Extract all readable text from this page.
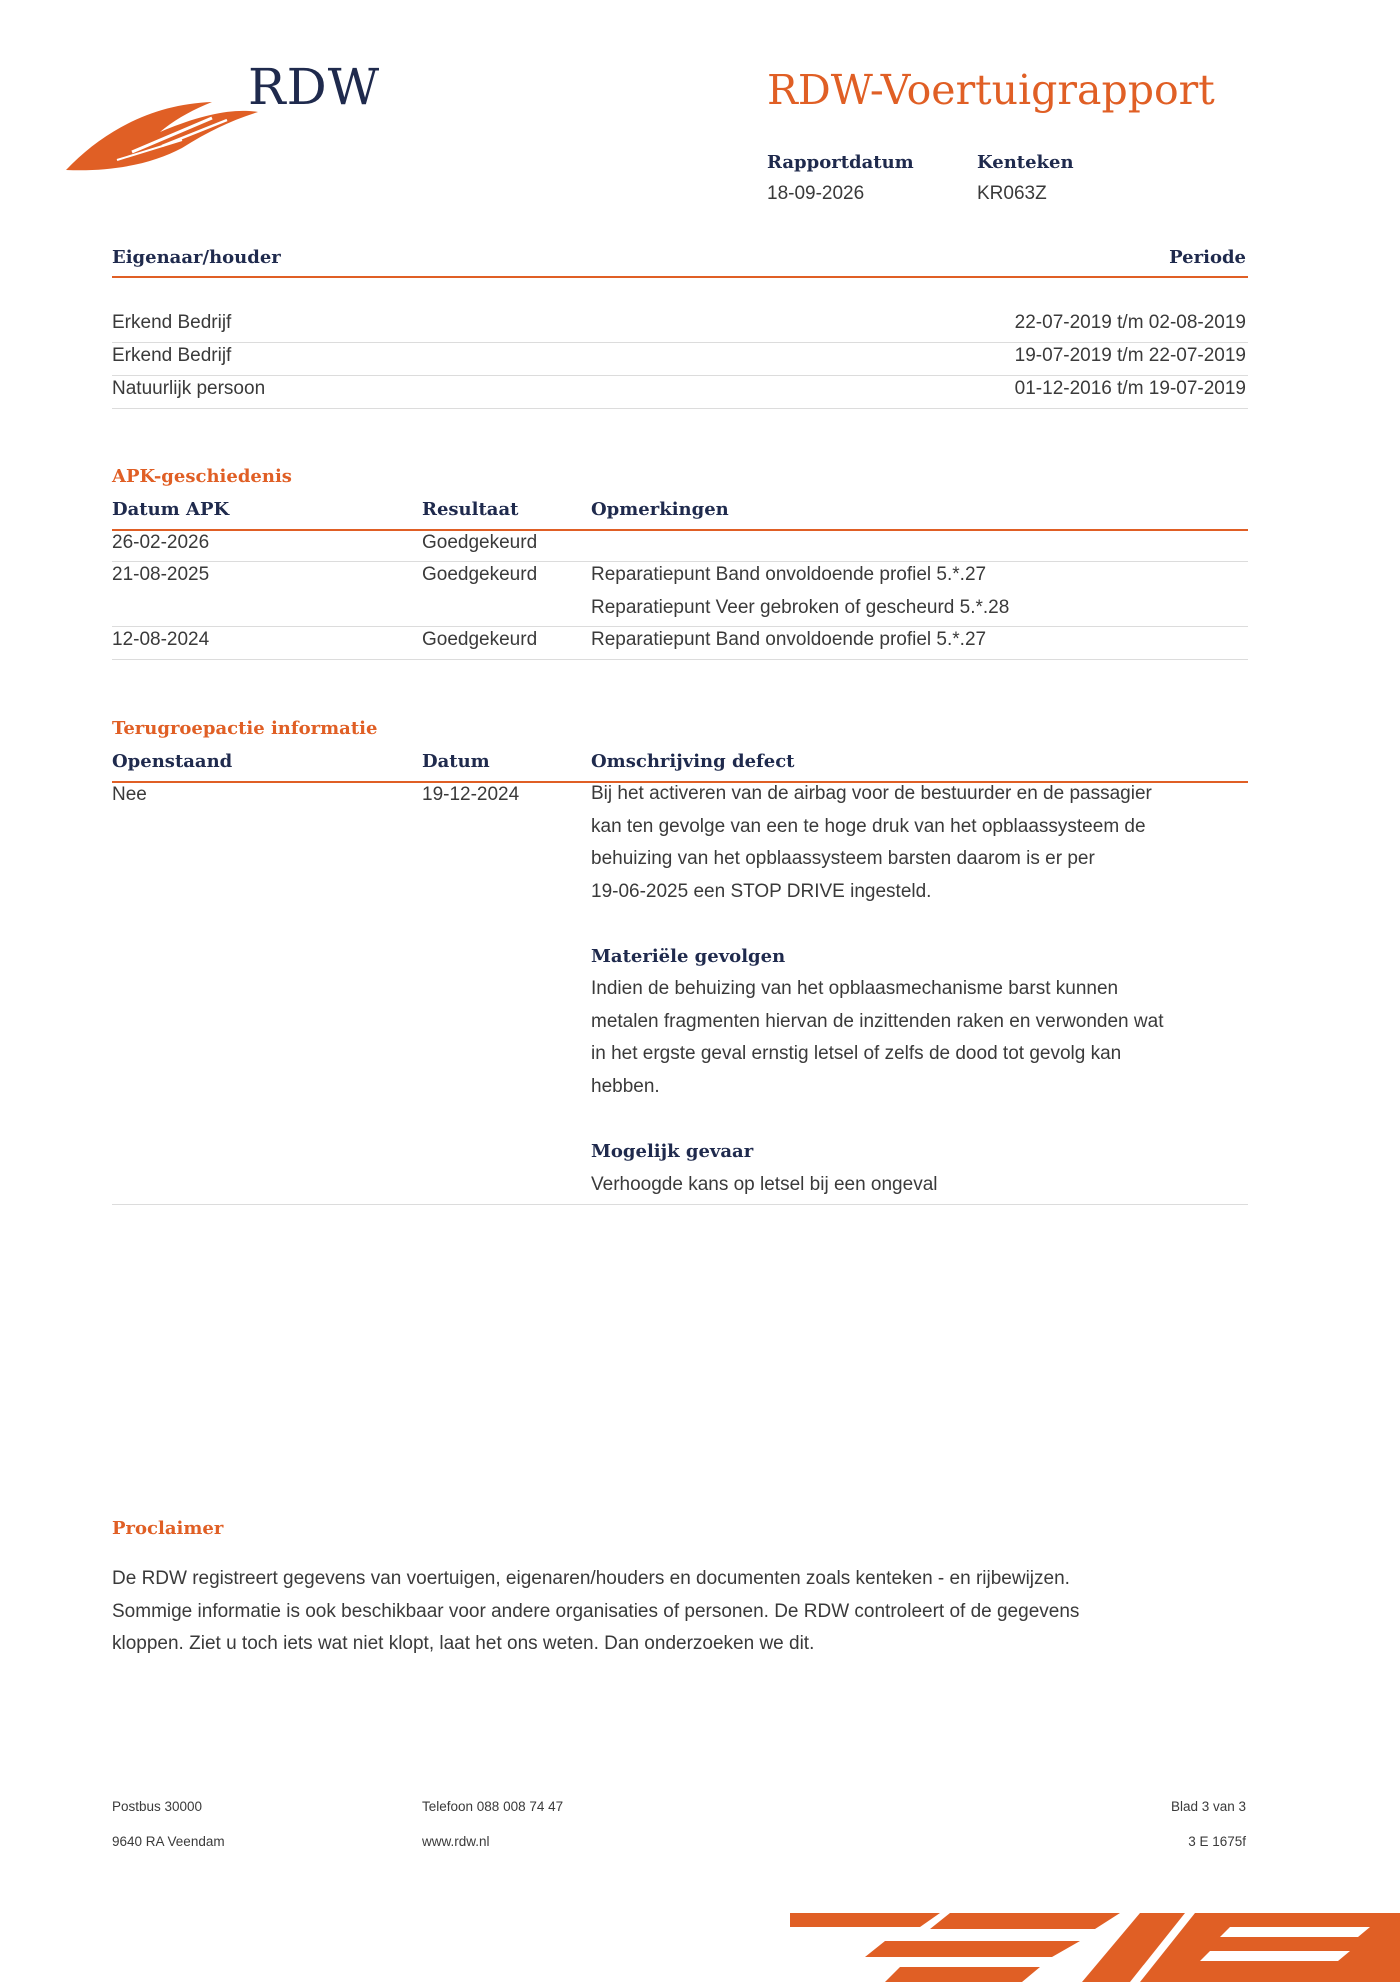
RDW	RDW-Voertuigrapport
Rapportdatum
18-09-2026
Kenteken
KR063Z
Eigenaar/houder	Periode
Erkend Bedrijf	22-07-2019 t/m 02-08-2019
Erkend Bedrijf	19-07-2019 t/m 22-07-2019
Natuurlijk persoon	01-12-2016 t/m 19-07-2019
APK-geschiedenis
Datum APK	Resultaat	Opmerkingen
26-02-2026	Goedgekeurd
21-08-2025	Goedgekeurd	Reparatiepunt Band onvoldoende profiel 5.*.27
Reparatiepunt Veer gebroken of gescheurd 5.*.28
12-08-2024	Goedgekeurd	Reparatiepunt Band onvoldoende profiel 5.*.27
Terugroepactie informatie
Openstaand	Datum	Omschrijving defect
Nee	19-12-2024	Bij het activeren van de airbag voor de bestuurder en de passagier
kan ten gevolge van een te hoge druk van het opblaassysteem de
behuizing van het opblaassysteem barsten daarom is er per
19-06-2025 een STOP DRIVE ingesteld.
Materiële gevolgen
Indien de behuizing van het opblaasmechanisme barst kunnen
metalen fragmenten hiervan de inzittenden raken en verwonden wat
in het ergste geval ernstig letsel of zelfs de dood tot gevolg kan
hebben.
Mogelijk gevaar
Verhoogde kans op letsel bij een ongeval
Proclaimer
De RDW registreert gegevens van voertuigen, eigenaren/houders en documenten zoals kenteken - en rijbewijzen.
Sommige informatie is ook beschikbaar voor andere organisaties of personen. De RDW controleert of de gegevens
kloppen. Ziet u toch iets wat niet klopt, laat het ons weten. Dan onderzoeken we dit.
Postbus 30000
9640 RA Veendam
Telefoon 088 008 74 47
www.rdw.nl
Blad 3 van 3
3 E 1675f
